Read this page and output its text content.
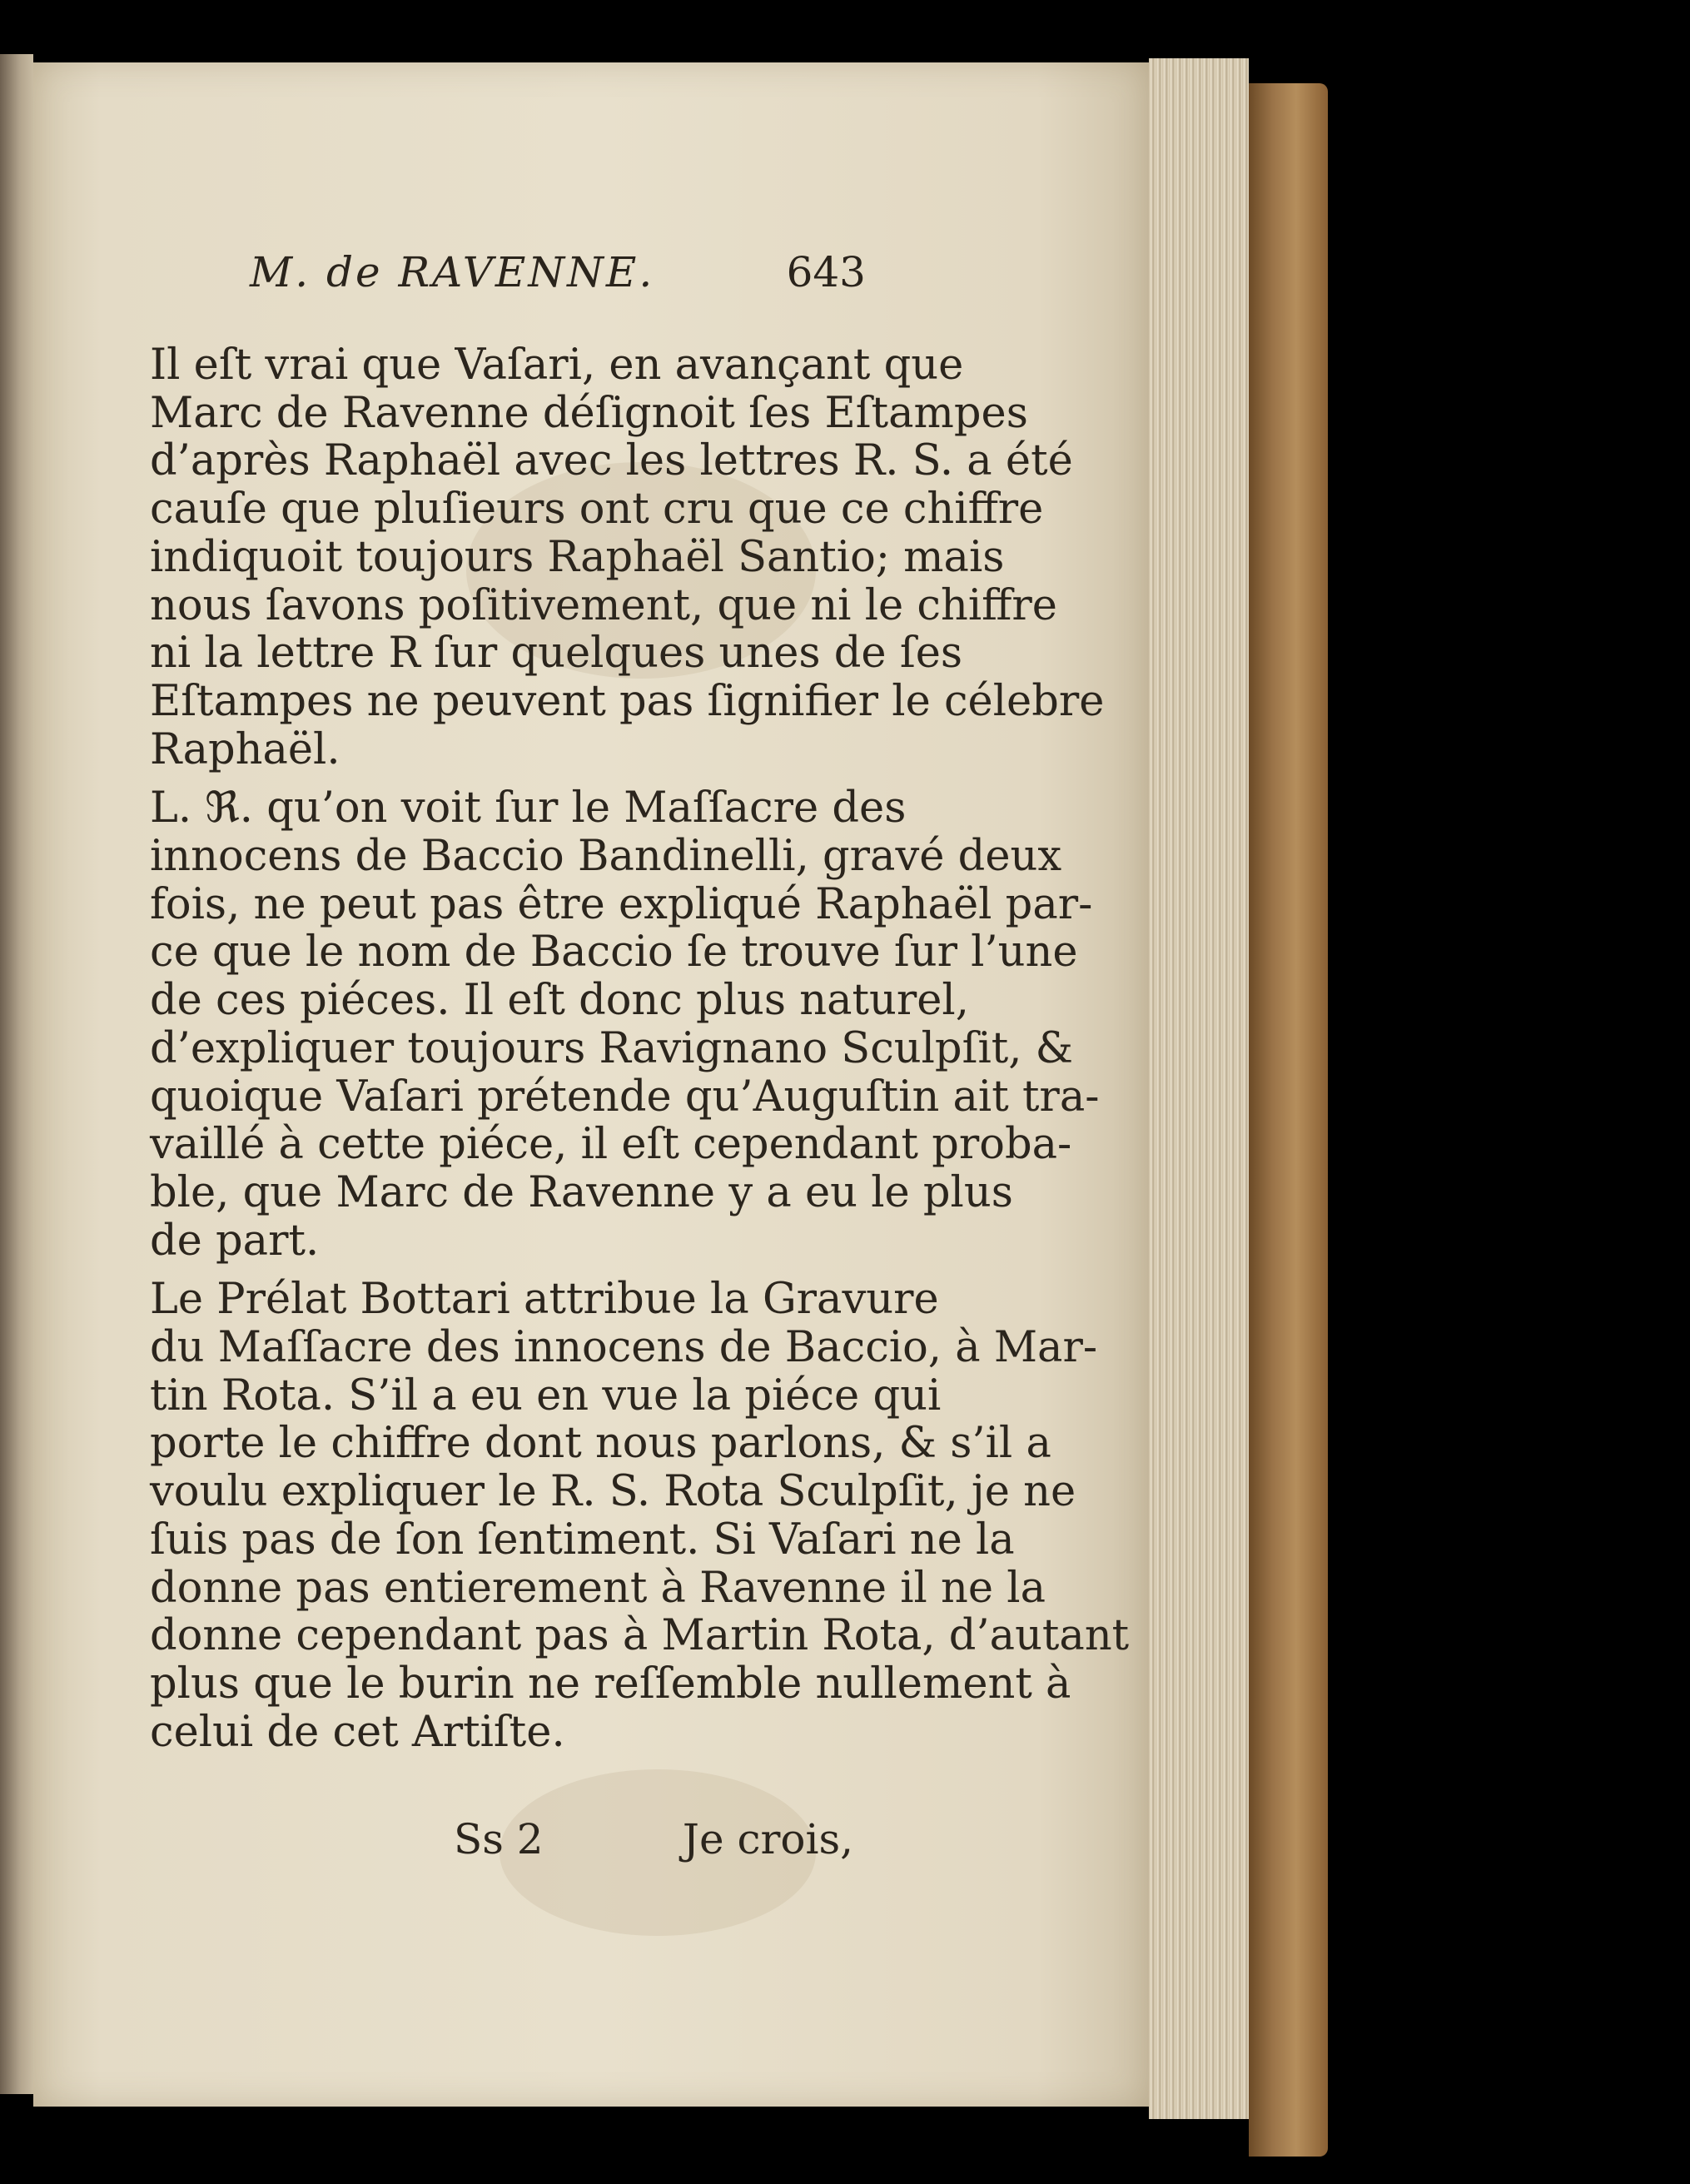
M. de RAVENNE.	643

Il eſt vrai que Vaſari, en avançant que
Marc de Ravenne déſignoit ſes Eſtampes
d’après Raphaël avec les lettres R. S. a été
cauſe que pluſieurs ont cru que ce chiffre
indiquoit toujours Raphaël Santio; mais
nous ſavons poſitivement, que ni le chiffre
ni la lettre R ſur quelques unes de ſes
Eſtampes ne peuvent pas ſignifier le célebre
Raphaël.

L. ℜ. qu’on voit ſur le Maſſacre des
innocens de Baccio Bandinelli, gravé deux
fois, ne peut pas être expliqué Raphaël par-
ce que le nom de Baccio ſe trouve ſur l’une
de ces piéces. Il eſt donc plus naturel,
d’expliquer toujours Ravignano Sculpſit, &
quoique Vaſari prétende qu’Auguſtin ait tra-
vaillé à cette piéce, il eſt cependant proba-
ble, que Marc de Ravenne y a eu le plus
de part.

Le Prélat Bottari attribue la Gravure
du Maſſacre des innocens de Baccio, à Mar-
tin Rota. S’il a eu en vue la piéce qui
porte le chiffre dont nous parlons, & s’il a
voulu expliquer le R. S. Rota Sculpſit, je ne
ſuis pas de ſon ſentiment. Si Vaſari ne la
donne pas entierement à Ravenne il ne la
donne cependant pas à Martin Rota, d’autant
plus que le burin ne reſſemble nullement à
celui de cet Artiſte.

Ss 2	Je crois,
